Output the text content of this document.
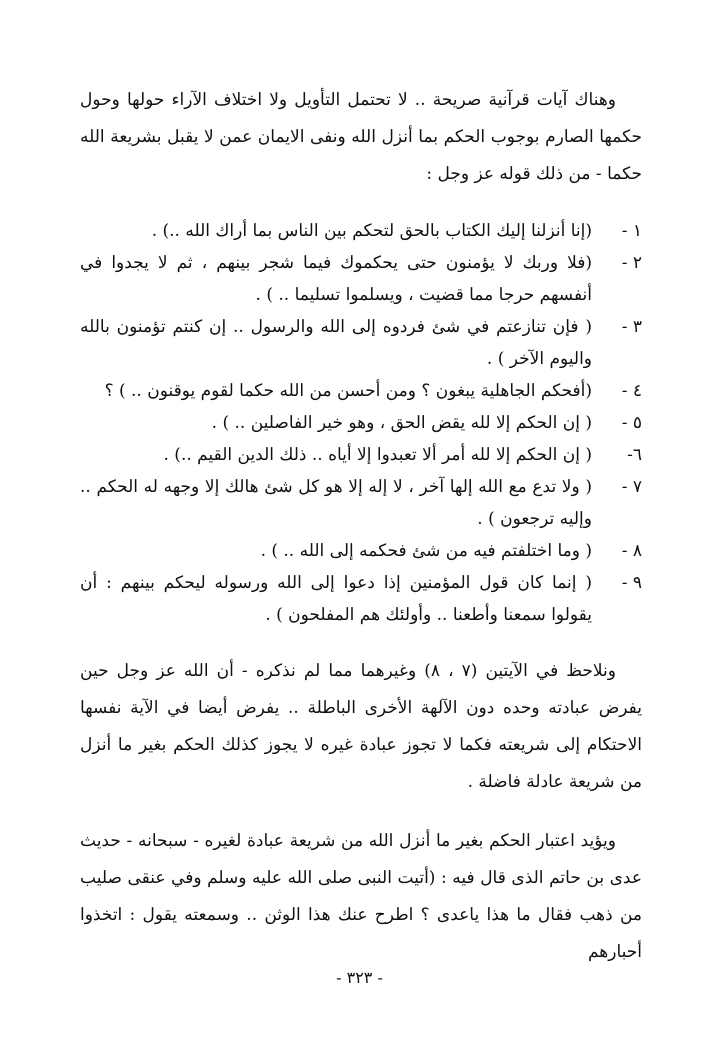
وهناك آيات قرآنية صريحة .. لا تحتمل التأويل ولا اختلاف الآراء حولها وحول حكمها الصارم بوجوب الحكم بما أنزل الله ونفى الايمان عمن لا يقبل بشريعة الله حكما - من ذلك قوله عز وجل :

١ -
(إنا أنزلنا إليك الكتاب بالحق لتحكم بين الناس بما أراك الله ..) .
٢ -
(فلا وربك لا يؤمنون حتى يحكموك فيما شجر بينهم ، ثم لا يجدوا في أنفسهم حرجا مما قضيت ، ويسلموا تسليما .. ) .
٣ -
( فإن تنازعتم في شئ فردوه إلى الله والرسول .. إن كنتم تؤمنون بالله واليوم الآخر ) .
٤ -
(أفحكم الجاهلية يبغون ؟ ومن أحسن من الله حكما لقوم يوقنون .. ) ؟
٥ -
( إن الحكم إلا لله يقض الحق ، وهو خير الفاصلين .. ) .
٦-
( إن الحكم إلا لله أمر ألا تعبدوا إلا أياه .. ذلك الدين القيم ..) .
٧ -
( ولا تدع مع الله إلها آخر ، لا إله إلا هو كل شئ هالك إلا وجهه له الحكم .. وإليه ترجعون ) .
٨ -
( وما اختلفتم فيه من شئ فحكمه إلى الله .. ) .
٩ -
( إنما كان قول المؤمنين إذا دعوا إلى الله ورسوله ليحكم بينهم : أن يقولوا سمعنا وأطعنا .. وأولئك هم المفلحون ) .

ونلاحظ في الآيتين (٧ ، ٨) وغيرهما مما لم نذكره - أن الله عز وجل حين يفرض عبادته وحده دون الآلهة الأخرى الباطلة .. يفرض أيضا في الآية نفسها الاحتكام إلى شريعته فكما لا تجوز عبادة غيره لا يجوز كذلك الحكم بغير ما أنزل من شريعة عادلة فاضلة .

ويؤيد اعتبار الحكم بغير ما أنزل الله من شريعة عبادة لغيره - سبحانه - حديث عدى بن حاتم الذى قال فيه : (أتيت النبى صلى الله عليه وسلم وفي عنقى صليب من ذهب فقال ما هذا ياعدى ؟ اطرح عنك هذا الوثن .. وسمعته يقول : اتخذوا أحبارهم

- ٣٢٣ -
